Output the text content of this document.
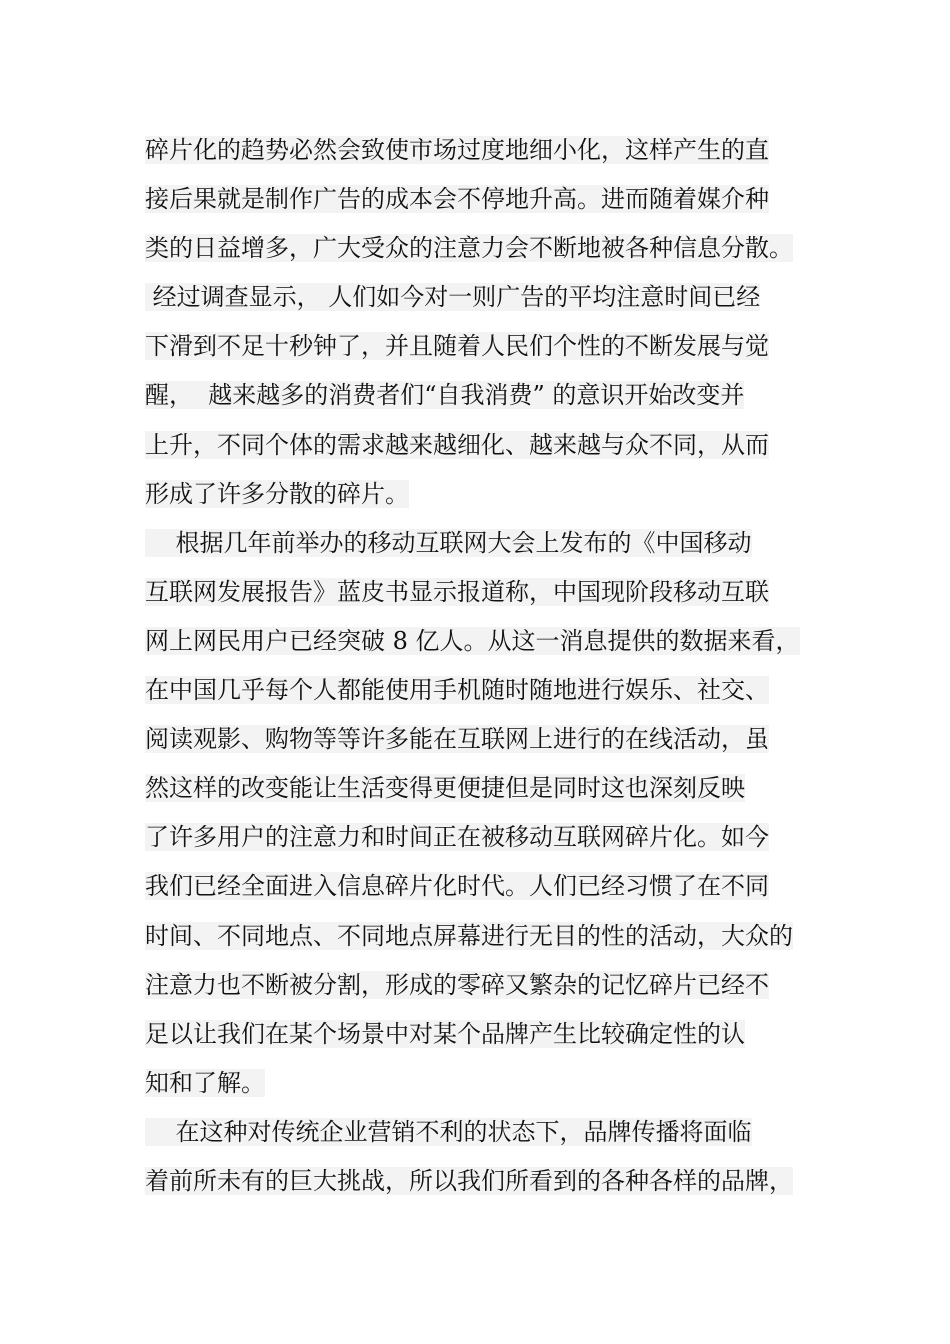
碎片化的趋势必然会致使市场过度地细小化，这样产生的直
接后果就是制作广告的成本会不停地升高。进而随着媒介种
类的日益增多，广大受众的注意力会不断地被各种信息分散。
经过调查显示， 人们如今对一则广告的平均注意时间已经
下滑到不足十秒钟了，并且随着人民们个性的不断发展与觉
醒，  越来越多的消费者们“自我消费” 的意识开始改变并
上升，不同个体的需求越来越细化、越来越与众不同，从而
形成了许多分散的碎片。
根据几年前举办的移动互联网大会上发布的《中国移动
互联网发展报告》蓝皮书显示报道称，中国现阶段移动互联
网上网民用户已经突破 8 亿人。从这一消息提供的数据来看，
在中国几乎每个人都能使用手机随时随地进行娱乐、社交、
阅读观影、购物等等许多能在互联网上进行的在线活动，虽
然这样的改变能让生活变得更便捷但是同时这也深刻反映
了许多用户的注意力和时间正在被移动互联网碎片化。如今
我们已经全面进入信息碎片化时代。人们已经习惯了在不同
时间、不同地点、不同地点屏幕进行无目的性的活动，大众的
注意力也不断被分割，形成的零碎又繁杂的记忆碎片已经不
足以让我们在某个场景中对某个品牌产生比较确定性的认
知和了解。
在这种对传统企业营销不利的状态下，品牌传播将面临
着前所未有的巨大挑战，所以我们所看到的各种各样的品牌，
